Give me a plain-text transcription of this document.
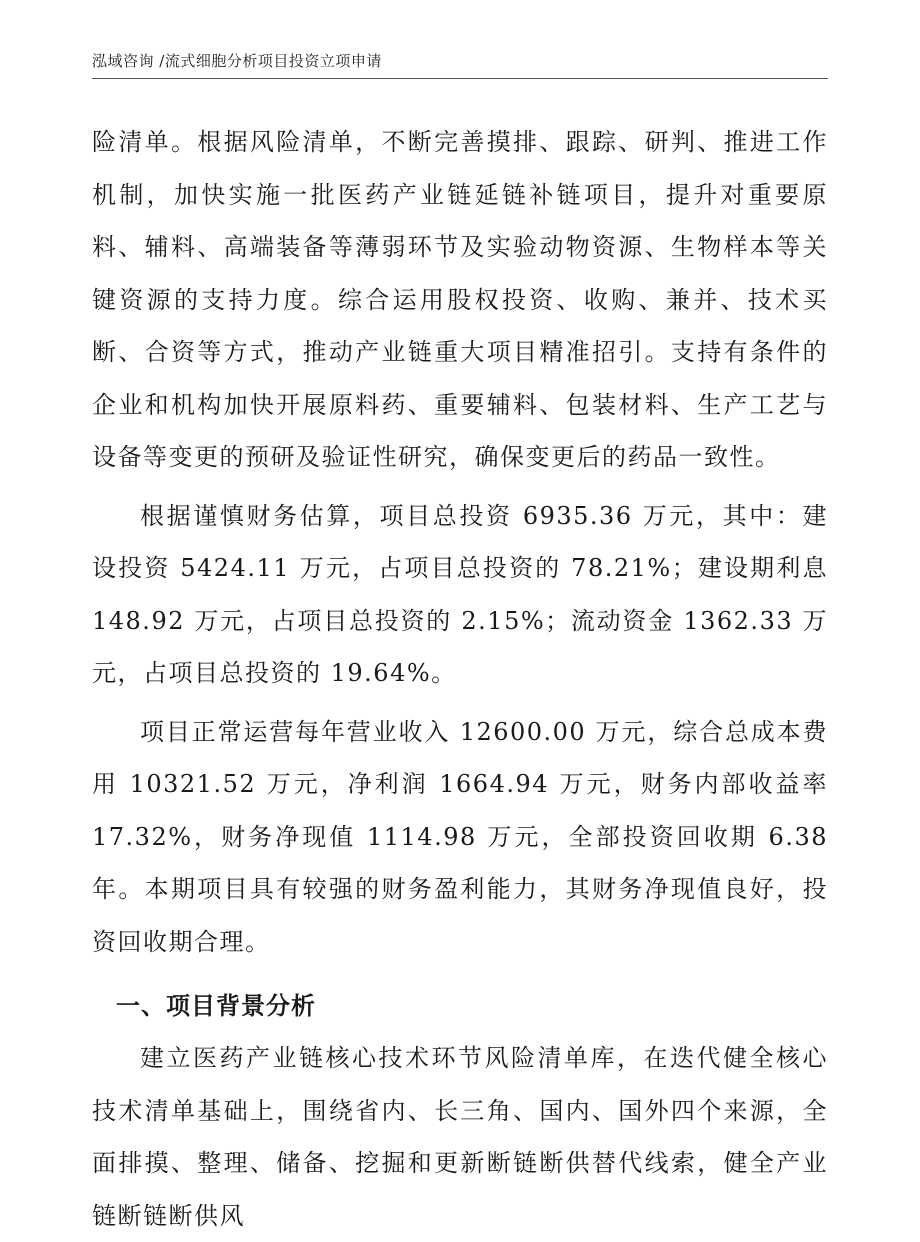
泓域咨询 /流式细胞分析项目投资立项申请

险清单。根据风险清单，不断完善摸排、跟踪、研判、推进工作机制，加快实施一批医药产业链延链补链项目，提升对重要原料、辅料、高端装备等薄弱环节及实验动物资源、生物样本等关键资源的支持力度。综合运用股权投资、收购、兼并、技术买断、合资等方式，推动产业链重大项目精准招引。支持有条件的企业和机构加快开展原料药、重要辅料、包装材料、生产工艺与设备等变更的预研及验证性研究，确保变更后的药品一致性。

根据谨慎财务估算，项目总投资 6935.36 万元，其中：建设投资 5424.11 万元，占项目总投资的 78.21%；建设期利息 148.92 万元，占项目总投资的 2.15%；流动资金 1362.33 万元，占项目总投资的 19.64%。

项目正常运营每年营业收入 12600.00 万元，综合总成本费用 10321.52 万元，净利润 1664.94 万元，财务内部收益率 17.32%，财务净现值 1114.98 万元，全部投资回收期 6.38 年。本期项目具有较强的财务盈利能力，其财务净现值良好，投资回收期合理。

一、项目背景分析

建立医药产业链核心技术环节风险清单库，在迭代健全核心技术清单基础上，围绕省内、长三角、国内、国外四个来源，全面排摸、整理、储备、挖掘和更新断链断供替代线索，健全产业链断链断供风
